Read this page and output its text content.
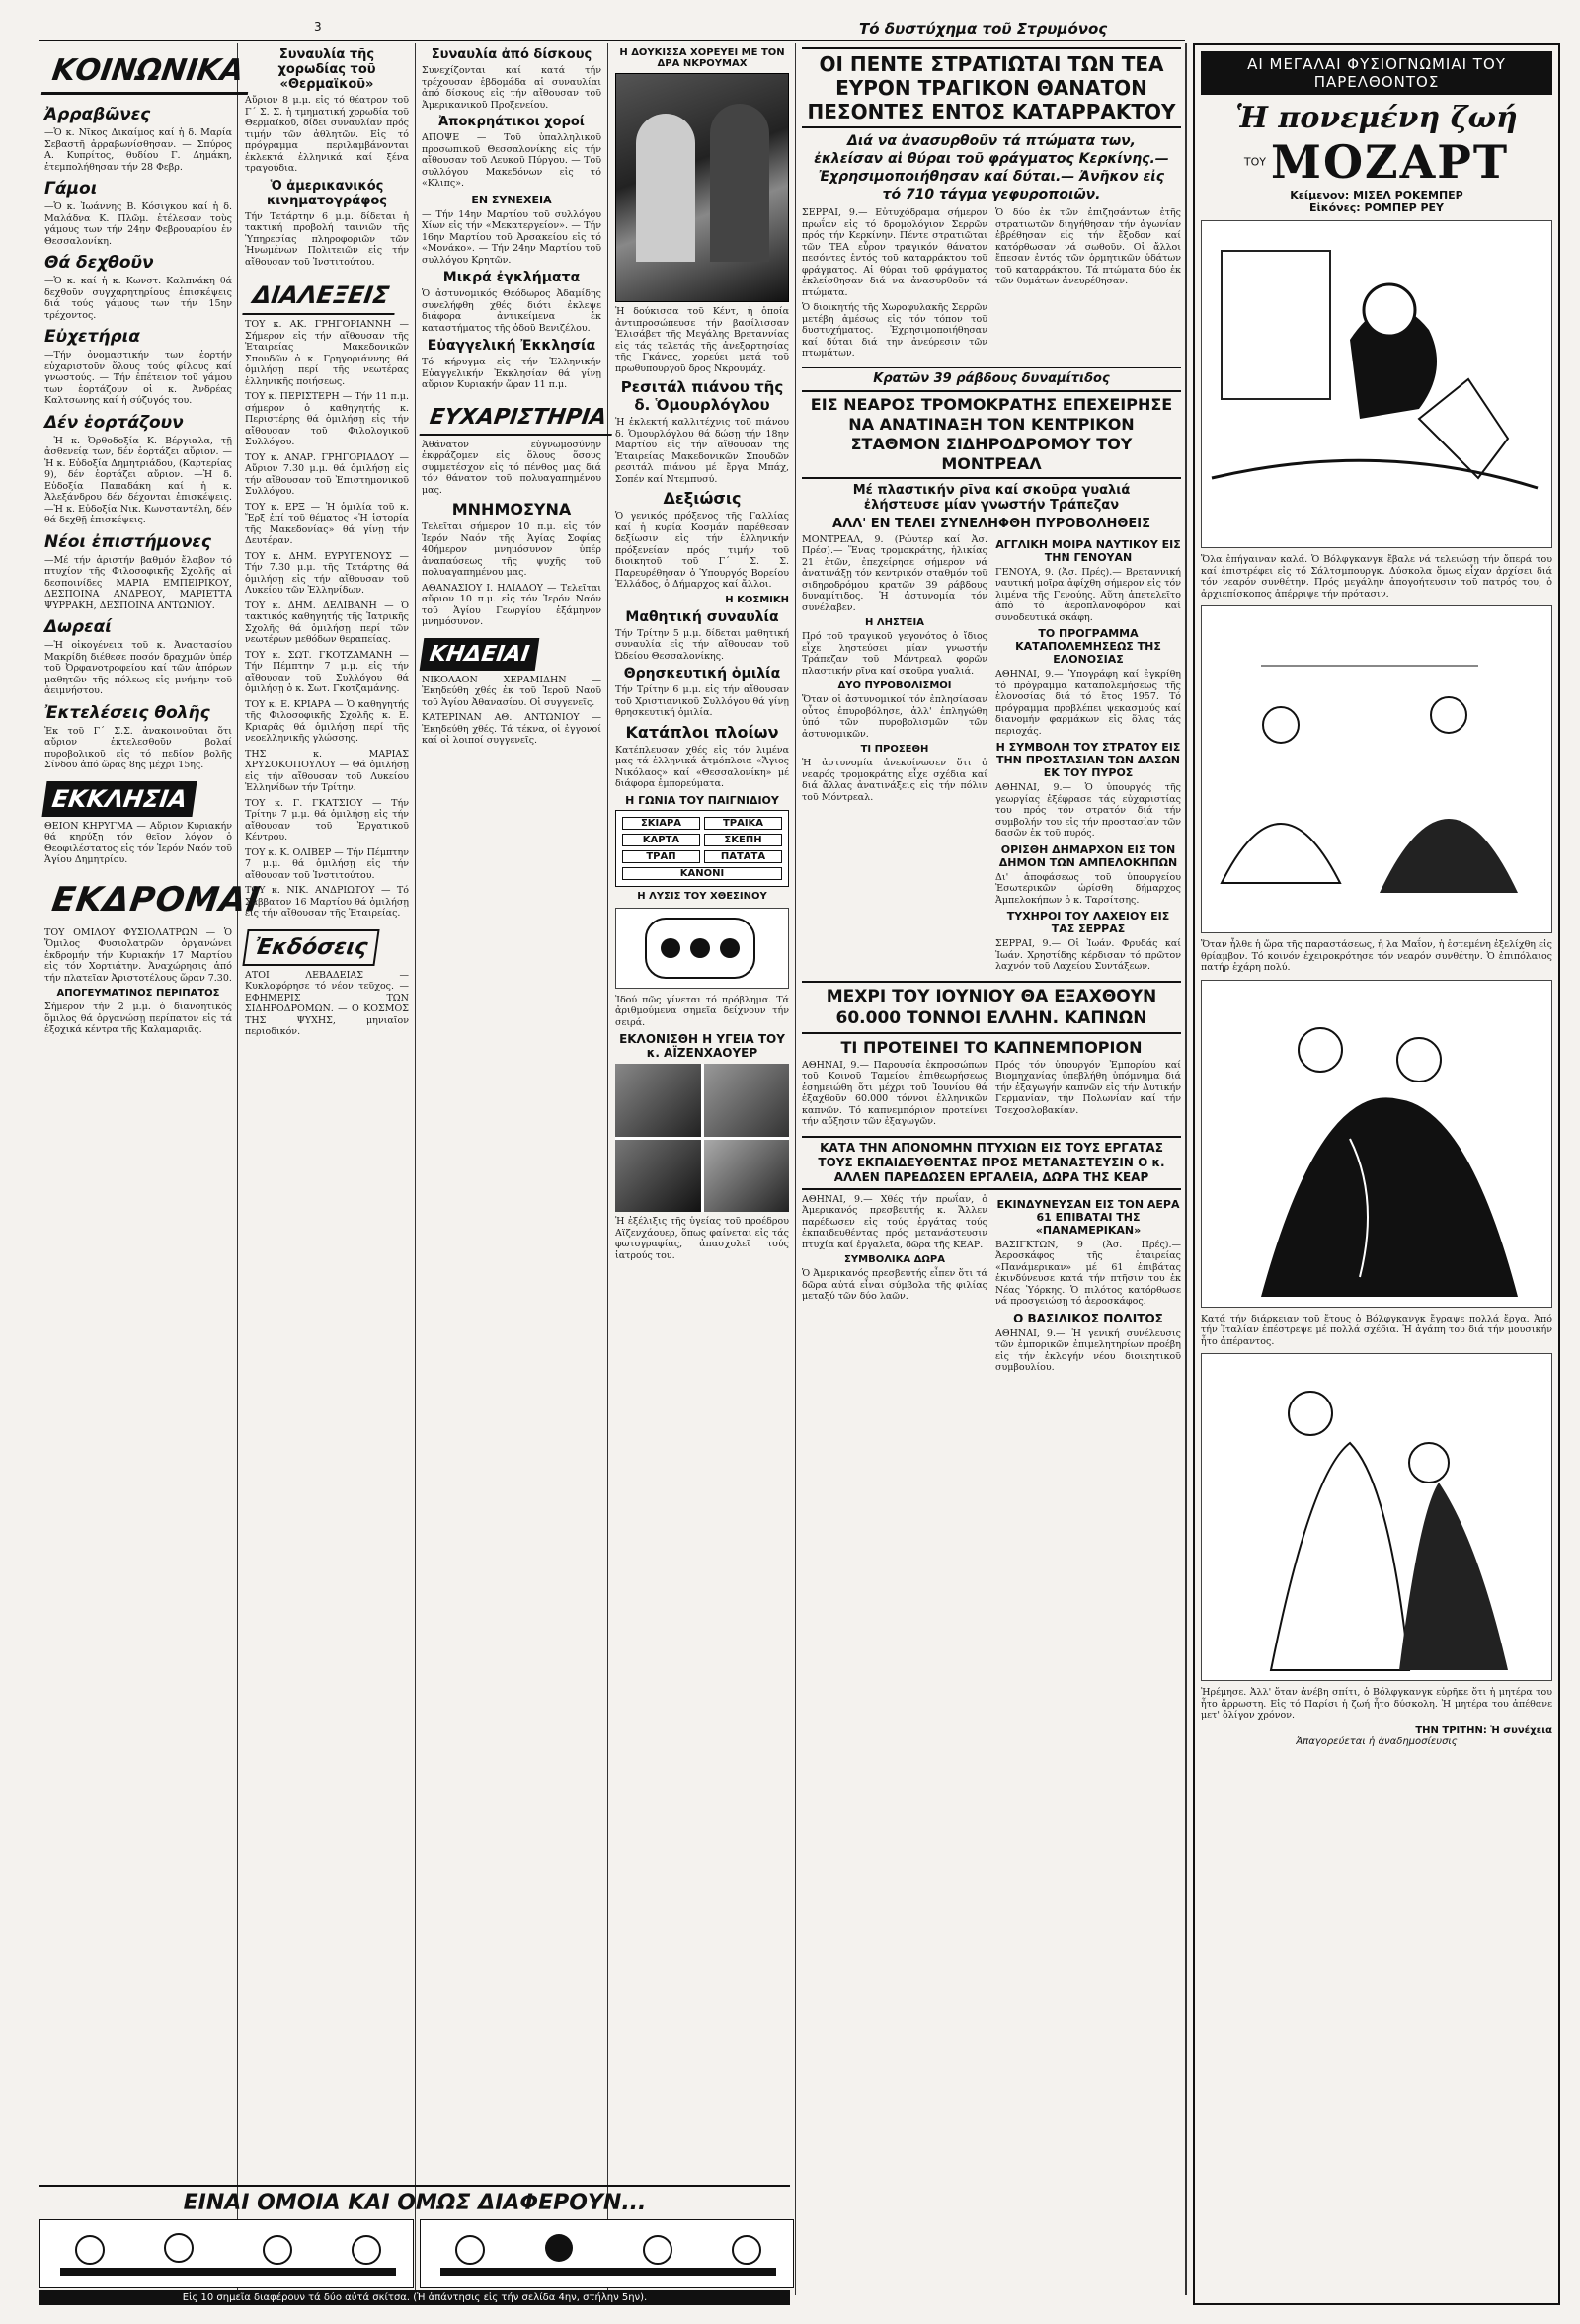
3	Τό δυστύχημα τοῦ Στρυμόνος
ΚΟΙΝΩΝΙΚΑ
Ἀρραβῶνες

—Ὁ κ. Νῖκος Δικαίμος καί ἡ δ. Μαρία Σεβαστῆ ἀρραβωνίσθησαν. — Σπύρος Α. Κυπρίτος, θυδίου Γ. Δημάκη, ἐτεμπολήθησαν τήν 28 Φεβρ.

Γάμοι

—Ὁ κ. Ἰωάννης Β. Κόσιγκου καί ἡ δ. Μαλάδνα Κ. Πλῶμ. ἐτέλεσαν τοὺς γάμους των τήν 24ην Φεβρουαρίου ἐν Θεσσαλονίκη.

Θά δεχθοῦν

—Ὁ κ. καί ἡ κ. Κωνστ. Καλπνάκη θά δεχθοῦν συγχαρητηρίους ἐπισκέψεις διά τούς γάμους των τήν 15ην τρέχοντος.

Εὐχετήρια

—Τήν ὀνομαστικήν των ἐορτήν εὐχαριστοῦν ὅλους τούς φίλους καί γνωστούς. — Τήν ἐπέτειον τοῦ γάμου των ἑορτάζουν οἱ κ. Ἀνδρέας Καλτσωνης καί ἡ σύζυγός του.

Δέν ἑορτάζουν

—Ἡ κ. Ὀρθοδοξία Κ. Βέργιαλα, τῇ ἀσθενείᾳ των, δέν ἑορτάζει αὔριον. —Ἡ κ. Εὐδοξία Δημητριάδου, (Καρτερίας 9), δέν ἑορτάζει αὔριον. —Ἡ δ. Εὐδοξία Παπαδάκη καί ἡ κ. Ἀλεξάνδρου δέν δέχονται ἐπισκέψεις. —Ἡ κ. Εὐδοξία Νικ. Κωνσταντέλη, δέν θά δεχθῇ ἐπισκέψεις.

Νέοι ἐπιστήμονες

—Μέ τήν ἀριστήν βαθμόν ἔλαβον τό πτυχίον τῆς Φιλοσοφικῆς Σχολῆς αἱ δεσποινίδες ΜΑΡΙΑ ΕΜΠΕΙΡΙΚΟΥ, ΔΕΣΠΟΙΝΑ ΑΝΔΡΕΟΥ, ΜΑΡΙΕΤΤΑ ΨΥΡΡΑΚΗ, ΔΕΣΠΟΙΝΑ ΑΝΤΩΝΙΟΥ.

Δωρεαί

—Ἡ οἰκογένεια τοῦ κ. Ἀναστασίου Μακρίδη διέθεσε ποσόν δραχμῶν ὑπέρ τοῦ Ὀρφανοτροφείου καί τῶν ἀπόρων μαθητῶν τῆς πόλεως εἰς μνήμην τοῦ ἀειμνήστου.

Ἐκτελέσεις θολῆς

Ἐκ τοῦ Γ΄ Σ.Σ. ἀνακοινοῦται ὅτι αὔριον ἐκτελεσθοῦν βολαί πυροβολικοῦ εἰς τό πεδίον βολῆς Σίνδου ἀπό ὥρας 8ης μέχρι 15ης.

ΕΚΚΛΗΣΙΑ

ΘΕΙΟΝ ΚΗΡΥΓΜΑ — Αὔριον Κυριακήν θά κηρύξῃ τόν θεῖον λόγον ὁ Θεοφιλέστατος εἰς τόν Ἱερόν Ναόν τοῦ Ἁγίου Δημητρίου.

ΕΚΔΡΟΜΑΙ

ΤΟΥ ΟΜΙΛΟΥ ΦΥΣΙΟΛΑΤΡΩΝ — Ὁ Ὅμιλος Φυσιολατρῶν ὀργανώνει ἐκδρομήν τήν Κυριακήν 17 Μαρτίου εἰς τόν Χορτιάτην. Ἀναχώρησις ἀπό τήν πλατεῖαν Ἀριστοτέλους ὥραν 7.30.

ΑΠΟΓΕΥΜΑΤΙΝΟΣ ΠΕΡΙΠΑΤΟΣ

Σήμερον τήν 2 μ.μ. ὁ διανοητικός ὅμιλος θά ὀργανώσῃ περίπατον εἰς τά ἐξοχικά κέντρα τῆς Καλαμαριᾶς.

Συναυλία τῆς χορωδίας τοῦ «Θερμαϊκοῦ»

Αὔριον 8 μ.μ. εἰς τό θέατρον τοῦ Γ΄ Σ. Σ. ἡ τμηματική χορωδία τοῦ Θερμαϊκοῦ, δίδει συναυλίαν πρός τιμήν τῶν ἀθλητῶν. Εἰς τό πρόγραμμα περιλαμβάνονται ἐκλεκτά ἑλληνικά καί ξένα τραγούδια.

Ὁ ἀμερικανικός κινηματογράφος

Τήν Τετάρτην 6 μ.μ. δίδεται ἡ τακτική προβολή ταινιῶν τῆς Ὑπηρεσίας πληροφοριῶν τῶν Ἡνωμένων Πολιτειῶν εἰς τήν αἴθουσαν τοῦ Ἰνστιτούτου.

ΔΙΑΛΕΞΕΙΣ

ΤΟΥ κ. ΑΚ. ΓΡΗΓΟΡΙΑΝΝΗ — Σήμερον εἰς τήν αἴθουσαν τῆς Ἑταιρείας Μακεδονικῶν Σπουδῶν ὁ κ. Γρηγοριάννης θά ὁμιλήσῃ περί τῆς νεωτέρας ἑλληνικῆς ποιήσεως.

ΤΟΥ κ. ΠΕΡΙΣΤΕΡΗ — Τήν 11 π.μ. σήμερον ὁ καθηγητής κ. Περιστέρης θά ὁμιλήσῃ εἰς τήν αἴθουσαν τοῦ Φιλολογικοῦ Συλλόγου.

ΤΟΥ κ. ΑΝΑΡ. ΓΡΗΓΟΡΙΑΔΟΥ — Αὔριον 7.30 μ.μ. θά ὁμιλήσῃ εἰς τήν αἴθουσαν τοῦ Ἐπιστημονικοῦ Συλλόγου.

ΤΟΥ κ. ΕΡΞ — Ἡ ὁμιλία τοῦ κ. Ἔρξ ἐπί τοῦ θέματος «Ἡ ἱστορία τῆς Μακεδονίας» θά γίνῃ τήν Δευτέραν.

ΤΟΥ κ. ΔΗΜ. ΕΥΡΥΓΕΝΟΥΣ — Τήν 7.30 μ.μ. τῆς Τετάρτης θά ὁμιλήσῃ εἰς τήν αἴθουσαν τοῦ Λυκείου τῶν Ἑλληνίδων.

ΤΟΥ κ. ΔΗΜ. ΔΕΛΙΒΑΝΗ — Ὁ τακτικός καθηγητής τῆς Ἰατρικῆς Σχολῆς θά ὁμιλήσῃ περί τῶν νεωτέρων μεθόδων θεραπείας.

ΤΟΥ κ. ΣΩΤ. ΓΚΟΤΖΑΜΑΝΗ — Τήν Πέμπτην 7 μ.μ. εἰς τήν αἴθουσαν τοῦ Συλλόγου θά ὁμιλήσῃ ὁ κ. Σωτ. Γκοτζαμάνης.

ΤΟΥ κ. Ε. ΚΡΙΑΡΑ — Ὁ καθηγητής τῆς Φιλοσοφικῆς Σχολῆς κ. Ε. Κριαρᾶς θά ὁμιλήσῃ περί τῆς νεοελληνικῆς γλώσσης.

ΤΗΣ κ. ΜΑΡΙΑΣ ΧΡΥΣΟΚΟΠΟΥΛΟΥ — Θά ὁμιλήσῃ εἰς τήν αἴθουσαν τοῦ Λυκείου Ἑλληνίδων τήν Τρίτην.

ΤΟΥ κ. Γ. ΓΚΑΤΣΙΟΥ — Τήν Τρίτην 7 μ.μ. θά ὁμιλήσῃ εἰς τήν αἴθουσαν τοῦ Ἐργατικοῦ Κέντρου.

ΤΟΥ κ. Κ. ΟΛΙΒΕΡ — Τήν Πέμπτην 7 μ.μ. θά ὁμιλήσῃ εἰς τήν αἴθουσαν τοῦ Ἰνστιτούτου.

ΤΟΥ κ. ΝΙΚ. ΑΝΔΡΙΩΤΟΥ — Τό Σάββατον 16 Μαρτίου θά ὁμιλήσῃ εἰς τήν αἴθουσαν τῆς Ἑταιρείας.

Ἐκδόσεις

ΑΤΟΙ ΛΕΒΑΔΕΙΑΣ — Κυκλοφόρησε τό νέον τεῦχος. — ΕΦΗΜΕΡΙΣ ΤΩΝ ΣΙΔΗΡΟΔΡΟΜΩΝ. — Ο ΚΟΣΜΟΣ ΤΗΣ ΨΥΧΗΣ, μηνιαῖον περιοδικόν.

Συναυλία ἀπό δίσκους

Συνεχίζονται καί κατά τήν τρέχουσαν ἑβδομάδα αἱ συναυλίαι ἀπό δίσκους εἰς τήν αἴθουσαν τοῦ Ἀμερικανικοῦ Προξενείου.

Ἀποκρηάτικοι χοροί

ΑΠΟΨΕ — Τοῦ ὑπαλληλικοῦ προσωπικοῦ Θεσσαλονίκης εἰς τήν αἴθουσαν τοῦ Λευκοῦ Πύργου. — Τοῦ συλλόγου Μακεδόνων εἰς τό «Κλιπς».

ΕΝ ΣΥΝΕΧΕΙΑ

— Τήν 14ην Μαρτίου τοῦ συλλόγου Χίων εἰς τήν «Μεκατεργείον». — Τήν 16ην Μαρτίου τοῦ Ἀρσακείου εἰς τό «Μονάκο». — Τήν 24ην Μαρτίου τοῦ συλλόγου Κρητῶν.

Μικρά ἐγκλήματα

Ὁ ἀστυνομικός Θεόδωρος Ἀδαμίδης συνελήφθη χθές διότι ἐκλεψε διάφορα ἀντικείμενα ἐκ καταστήματος τῆς ὁδοῦ Βενιζέλου.

Εὐαγγελική Ἐκκλησία

Τό κήρυγμα εἰς τήν Ἑλληνικήν Εὐαγγελικήν Ἐκκλησίαν θά γίνῃ αὔριον Κυριακήν ὥραν 11 π.μ.

ΕΥΧΑΡΙΣΤΗΡΙΑ

Ἀθάνατον εὐγνωμοσύνην ἐκφράζομεν εἰς ὅλους ὅσους συμμετέσχον εἰς τό πένθος μας διά τόν θάνατον τοῦ πολυαγαπημένου μας.

ΜΝΗΜΟΣΥΝΑ

Τελεῖται σήμερον 10 π.μ. εἰς τόν Ἱερόν Ναόν τῆς Ἁγίας Σοφίας 40ήμερον μνημόσυνον ὑπέρ ἀναπαύσεως τῆς ψυχῆς τοῦ πολυαγαπημένου μας.

ΑΘΑΝΑΣΙΟΥ Ι. ΗΛΙΑΔΟΥ — Τελεῖται αὔριον 10 π.μ. εἰς τόν Ἱερόν Ναόν τοῦ Ἁγίου Γεωργίου ἑξάμηνον μνημόσυνον.

ΚΗΔΕΙΑΙ

ΝΙΚΟΛΑΟΝ ΧΕΡΑΜΙΔΗΝ — Ἐκηδεύθη χθές ἐκ τοῦ Ἱεροῦ Ναοῦ τοῦ Ἁγίου Ἀθανασίου. Οἱ συγγενεῖς.

ΚΑΤΕΡΙΝΑΝ ΑΘ. ΑΝΤΩΝΙΟΥ — Ἐκηδεύθη χθές. Τά τέκνα, οἱ ἐγγονοί καί οἱ λοιποί συγγενεῖς.

Η ΔΟΥΚΙΣΣΑ ΧΟΡΕΥΕΙ ΜΕ ΤΟΝ ΔΡΑ ΝΚΡΟΥΜΑΧ

Ἡ δούκισσα τοῦ Κέντ, ἡ ὁποία ἀντιπροσώπευσε τήν βασίλισσαν Ἐλισάβετ τῆς Μεγάλης Βρεταννίας εἰς τάς τελετάς τῆς ἀνεξαρτησίας τῆς Γκάνας, χορεύει μετά τοῦ πρωθυπουργοῦ δρος Νκρουμάχ.

Ρεσιτάλ πιάνου τῆς δ. Ὁμουρλόγλου

Ἡ ἐκλεκτή καλλιτέχνις τοῦ πιάνου δ. Ὁμουρλόγλου θά δώσῃ τήν 18ην Μαρτίου εἰς τήν αἴθουσαν τῆς Ἑταιρείας Μακεδονικῶν Σπουδῶν ρεσιτάλ πιάνου μέ ἔργα Μπάχ, Σοπέν καί Ντεμπυσύ.

Δεξιώσις

Ὁ γενικός πρόξενος τῆς Γαλλίας καί ἡ κυρία Κοσμάν παρέθεσαν δεξίωσιν εἰς τήν ἑλληνικήν πρόξενείαν πρός τιμήν τοῦ διοικητοῦ τοῦ Γ΄ Σ. Σ. Παρευρέθησαν ὁ Ὑπουργός Βορείου Ἑλλάδος, ὁ Δήμαρχος καί ἄλλοι.

Η ΚΟΣΜΙΚΗ
Μαθητική συναυλία

Τήν Τρίτην 5 μ.μ. δίδεται μαθητική συναυλία εἰς τήν αἴθουσαν τοῦ Ὠδείου Θεσσαλονίκης.

Θρησκευτική ὁμιλία

Τήν Τρίτην 6 μ.μ. εἰς τήν αἴθουσαν τοῦ Χριστιανικοῦ Συλλόγου θά γίνῃ θρησκευτική ὁμιλία.

Κατάπλοι πλοίων

Κατέπλευσαν χθές εἰς τόν λιμένα μας τά ἑλληνικά ἀτμόπλοια «Ἄγιος Νικόλαος» καί «Θεσσαλονίκη» μέ διάφορα ἐμπορεύματα.

Η ΓΩΝΙΑ ΤΟΥ ΠΑΙΓΝΙΔΙΟΥ
ΣΚΙΑΡΑ	ΤΡΑΙΚΑ
ΚΑΡΤΑ	ΣΚΕΠΗ
ΤΡΑΠ	ΠΑΤΑΤΑ
ΚΑΝΟΝΙ
Η ΛΥΣΙΣ ΤΟΥ ΧΘΕΣΙΝΟΥ

Ἰδού πῶς γίνεται τό πρόβλημα. Τά ἀριθμούμενα σημεῖα δείχνουν τήν σειρά.

ΕΚΛΟΝΙΣΘΗ Η ΥΓΕΙΑ ΤΟΥ κ. ΑΪΖΕΝΧΑΟΥΕΡ

Ἡ ἐξέλιξις τῆς ὑγείας τοῦ προέδρου Αϊζενχάουερ, ὅπως φαίνεται εἰς τάς φωτογραφίας, ἀπασχολεῖ τούς ἰατρούς του.

ΟΙ ΠΕΝΤΕ ΣΤΡΑΤΙΩΤΑΙ ΤΩΝ ΤΕΑ ΕΥΡΟΝ ΤΡΑΓΙΚΟΝ ΘΑΝΑΤΟΝ ΠΕΣΟΝΤΕΣ ΕΝΤΟΣ ΚΑΤΑΡΡΑΚΤΟΥ
Διά να ἀνασυρθοῦν τά πτώματα των, ἐκλείσαν αἱ θύραι τοῦ φράγματος Κερκίνης.— Ἐχρησιμοποιήθησαν καί δύται.— Ἀνῆκον εἰς τό 710 τάγμα γεφυροποιῶν.

ΣΕΡΡΑΙ, 9.— Εὐτυχόδραμα σήμερον πρωΐαν εἰς τό δρομολόγιον Σερρῶν πρός τήν Κερκίνην. Πέντε στρατιῶται τῶν ΤΕΑ εὗρον τραγικόν θάνατον πεσόντες ἐντός τοῦ καταρράκτου τοῦ φράγματος. Αἱ θύραι τοῦ φράγματος ἐκλείσθησαν διά να ἀνασυρθοῦν τά πτώματα.

Ὁ διοικητής τῆς Χωροφυλακῆς Σερρῶν μετέβη ἀμέσως εἰς τόν τόπον τοῦ δυστυχήματος. Ἐχρησιμοποιήθησαν καί δύται διά την ἀνεύρεσιν τῶν πτωμάτων.

Ὁ δύο ἐκ τῶν ἐπιζησάντων ἐτῆς στρατιωτῶν διηγήθησαν τήν ἀγωνίαν ἐβρέθησαν εἰς τήν ἔξοδον καί κατόρθωσαν νά σωθοῦν. Οἱ ἄλλοι ἔπεσαν ἐντός τῶν ὁρμητικῶν ὑδάτων τοῦ καταρράκτου. Τά πτώματα δύο ἐκ τῶν θυμάτων ἀνευρέθησαν.

Κρατῶν 39 ράβδους δυναμίτιδος
ΕΙΣ ΝΕΑΡΟΣ ΤΡΟΜΟΚΡΑΤΗΣ ΕΠΕΧΕΙΡΗΣΕ ΝΑ ΑΝΑΤΙΝΑΞΗ ΤΟΝ ΚΕΝΤΡΙΚΟΝ ΣΤΑΘΜΟΝ ΣΙΔΗΡΟΔΡΟΜΟΥ ΤΟΥ ΜΟΝΤΡΕΑΛ
Μέ πλαστικήν ρῖνα καί σκοῦρα γυαλιά ἐλήστευσε μίαν γνωστήν Τράπεζαν
ΑΛΛ' ΕΝ ΤΕΛΕΙ ΣΥΝΕΛΗΦΘΗ ΠΥΡΟΒΟΛΗΘΕΙΣ

ΜΟΝΤΡΕΑΛ, 9. (Ρώυτερ καί Ἀσ. Πρέσ).— Ἕνας τρομοκράτης, ἡλικίας 21 ἐτῶν, ἐπεχείρησε σήμερον νά ἀνατινάξῃ τόν κεντρικόν σταθμόν τοῦ σιδηροδρόμου κρατῶν 39 ράβδους δυναμίτιδος. Ἡ ἀστυνομία τόν συνέλαβεν.

Η ΛΗΣΤΕΙΑ

Πρό τοῦ τραγικοῦ γεγονότος ὁ ἴδιος εἶχε ληστεύσει μίαν γνωστήν Τράπεζαν τοῦ Μόντρεαλ φορῶν πλαστικήν ρῖνα καί σκοῦρα γυαλιά.

ΔΥΟ ΠΥΡΟΒΟΛΙΣΜΟΙ

Ὅταν οἱ ἀστυνομικοί τόν ἐπλησίασαν οὗτος ἐπυροβόλησε, ἀλλ' ἐπληγώθη ὑπό τῶν πυροβολισμῶν τῶν ἀστυνομικῶν.

ΤΙ ΠΡΟΣΕΘΗ

Ἡ ἀστυνομία ἀνεκοίνωσεν ὅτι ὁ νεαρός τρομοκράτης εἶχε σχέδια καί διά ἄλλας ἀνατινάξεις εἰς τήν πόλιν τοῦ Μόντρεαλ.

ΑΓΓΛΙΚΗ ΜΟΙΡΑ ΝΑΥΤΙΚΟΥ ΕΙΣ ΤΗΝ ΓΕΝΟΥΑΝ

ΓΕΝΟΥΑ, 9. (Ἀσ. Πρές).— Βρεταννική ναυτική μοῖρα ἀφίχθη σήμερον εἰς τόν λιμένα τῆς Γενούης. Αὕτη ἀπετελεῖτο ἀπό τό ἀεροπλανοφόρον καί συνοδευτικά σκάφη.

ΤΟ ΠΡΟΓΡΑΜΜΑ ΚΑΤΑΠΟΛΕΜΗΣΕΩΣ ΤΗΣ ΕΛΟΝΟΣΙΑΣ

ΑΘΗΝΑΙ, 9.— Ὑπογράφη καί ἐγκρίθη τό πρόγραμμα καταπολεμήσεως τῆς ἑλονοσίας διά τό ἔτος 1957. Τό πρόγραμμα προβλέπει ψεκασμούς καί διανομήν φαρμάκων εἰς ὅλας τάς περιοχάς.

Η ΣΥΜΒΟΛΗ ΤΟΥ ΣΤΡΑΤΟΥ ΕΙΣ ΤΗΝ ΠΡΟΣΤΑΣΙΑΝ ΤΩΝ ΔΑΣΩΝ ΕΚ ΤΟΥ ΠΥΡΟΣ

ΑΘΗΝΑΙ, 9.— Ὁ ὑπουργός τῆς γεωργίας ἐξέφρασε τάς εὐχαριστίας του πρός τόν στρατόν διά τήν συμβολήν του εἰς τήν προστασίαν τῶν δασῶν ἐκ τοῦ πυρός.

ΟΡΙΣΘΗ ΔΗΜΑΡΧΟΝ ΕΙΣ ΤΟΝ ΔΗΜΟΝ ΤΩΝ ΑΜΠΕΛΟΚΗΠΩΝ

Δι' ἀποφάσεως τοῦ ὑπουργείου Ἐσωτερικῶν ὡρίσθη δήμαρχος Ἀμπελοκήπων ὁ κ. Ταρσίτσης.

ΤΥΧΗΡΟΙ ΤΟΥ ΛΑΧΕΙΟΥ ΕΙΣ ΤΑΣ ΣΕΡΡΑΣ

ΣΕΡΡΑΙ, 9.— Οἱ Ἰωάν. Φρυδάς καί Ἰωάν. Χρηστίδης κέρδισαν τό πρῶτον λαχνόν τοῦ Λαχείου Συντάξεων.

ΜΕΧΡΙ ΤΟΥ ΙΟΥΝΙΟΥ ΘΑ ΕΞΑΧΘΟΥΝ 60.000 ΤΟΝΝΟΙ ΕΛΛΗΝ. ΚΑΠΝΩΝ
ΤΙ ΠΡΟΤΕΙΝΕΙ ΤΟ ΚΑΠΝΕΜΠΟΡΙΟΝ

ΑΘΗΝΑΙ, 9.— Παρουσία ἐκπροσώπων τοῦ Κοινοῦ Ταμείου ἐπιθεωρήσεως ἐσημειώθη ὅτι μέχρι τοῦ Ἰουνίου θά ἐξαχθοῦν 60.000 τόννοι ἑλληνικῶν καπνῶν. Τό καπνεμπόριον προτείνει τήν αὔξησιν τῶν ἐξαγωγῶν.

Πρός τόν ὑπουργόν Ἐμπορίου καί Βιομηχανίας ὑπεβλήθη ὑπόμνημα διά τήν ἐξαγωγήν καπνῶν εἰς τήν Δυτικήν Γερμανίαν, τήν Πολωνίαν καί τήν Τσεχοσλοβακίαν.

ΚΑΤΑ ΤΗΝ ΑΠΟΝΟΜΗΝ ΠΤΥΧΙΩΝ ΕΙΣ ΤΟΥΣ ΕΡΓΑΤΑΣ ΤΟΥΣ ΕΚΠΑΙΔΕΥΘΕΝΤΑΣ ΠΡΟΣ ΜΕΤΑΝΑΣΤΕΥΣΙΝ Ο κ. ΑΛΛΕΝ ΠΑΡΕΔΩΣΕΝ ΕΡΓΑΛΕΙΑ, ΔΩΡΑ ΤΗΣ ΚΕΑΡ

ΑΘΗΝΑΙ, 9.— Χθές τήν πρωΐαν, ὁ Ἀμερικανός πρεσβευτής κ. Ἄλλεν παρέδωσεν εἰς τούς ἐργάτας τούς ἐκπαιδευθέντας πρός μετανάστευσιν πτυχία καί ἐργαλεῖα, δῶρα τῆς ΚΕΑΡ.

ΣΥΜΒΟΛΙΚΑ ΔΩΡΑ

Ὁ Ἀμερικανός πρεσβευτής εἶπεν ὅτι τά δῶρα αὐτά εἶναι σύμβολα τῆς φιλίας μεταξύ τῶν δύο λαῶν.

ΕΚΙΝΔΥΝΕΥΣΑΝ ΕΙΣ ΤΟΝ ΑΕΡΑ 61 ΕΠΙΒΑΤΑΙ ΤΗΣ «ΠΑΝΑΜΕΡΙΚΑΝ»

ΒΑΣΙΓΚΤΩΝ, 9 (Ἀσ. Πρές).— Ἀεροσκάφος τῆς ἑταιρείας «Πανάμερικαν» μέ 61 ἐπιβάτας ἐκινδύνευσε κατά τήν πτῆσιν του ἐκ Νέας Ὑόρκης. Ὁ πιλότος κατόρθωσε νά προσγειώσῃ τό ἀεροσκάφος.

Ο ΒΑΣΙΛΙΚΟΣ ΠΟΛΙΤΟΣ

ΑΘΗΝΑΙ, 9.— Ἡ γενική συνέλευσις τῶν ἐμπορικῶν ἐπιμελητηρίων προέβη εἰς τήν ἐκλογήν νέου διοικητικοῦ συμβουλίου.

ΑΙ ΜΕΓΑΛΑΙ ΦΥΣΙΟΓΝΩΜΙΑΙ ΤΟΥ ΠΑΡΕΛΘΟΝΤΟΣ
Ἡ πονεμένη ζωή
ΤΟΥ ΜΟΖΑΡΤ
Κείμενον: ΜΙΣΕΛ ΡΟΚΕΜΠΕΡ
Εἰκόνες: ΡΟΜΠΕΡ ΡΕΥ

Ὅλα ἐπήγαιναν καλά. Ὁ Βόλφγκανγκ ἔβαλε νά τελειώσῃ τήν ὄπερά του καί ἐπιστρέφει εἰς τό Σάλτσμπουργκ. Δύσκολα ὅμως εἶχαν ἀρχίσει διά τόν νεαρόν συνθέτην. Πρός μεγάλην ἀπογοήτευσιν τοῦ πατρός του, ὁ ἀρχιεπίσκοπος ἀπέρριψε τήν πρότασιν.

Ὅταν ἦλθε ἡ ὥρα τῆς παραστάσεως, ἡ λα Μαΐον, ἡ ἑστεμένη ἐξελίχθη εἰς θρίαμβον. Τό κοινόν ἐχειροκρότησε τόν νεαρόν συνθέτην. Ὁ ἐπιπόλαιος πατήρ ἐχάρη πολύ.

Κατά τήν διάρκειαν τοῦ ἔτους ὁ Βόλφγκανγκ ἔγραψε πολλά ἔργα. Ἀπό τήν Ἰταλίαν ἐπέστρεψε μέ πολλά σχέδια. Ἡ ἀγάπη του διά τήν μουσικήν ἦτο ἀπέραντος.

Ἠρέμησε. Ἀλλ' ὅταν ἀνέβη σπίτι, ὁ Βόλφγκανγκ εὑρῆκε ὅτι ἡ μητέρα του ἦτο ἄρρωστη. Εἰς τό Παρίσι ἡ ζωή ἦτο δύσκολη. Ἡ μητέρα του ἀπέθανε μετ' ὀλίγον χρόνον.

ΤΗΝ ΤΡΙΤΗΝ: Ἡ συνέχεια
Ἀπαγορεύεται ἡ ἀναδημοσίευσις
ΕΙΝΑΙ ΟΜΟΙΑ ΚΑΙ ΟΜΩΣ ΔΙΑΦΕΡΟΥΝ...
Εἰς 10 σημεῖα διαφέρουν τά δύο αὐτά σκίτσα. (Ἡ ἀπάντησις εἰς τήν σελίδα 4ην, στήλην 5ην).
